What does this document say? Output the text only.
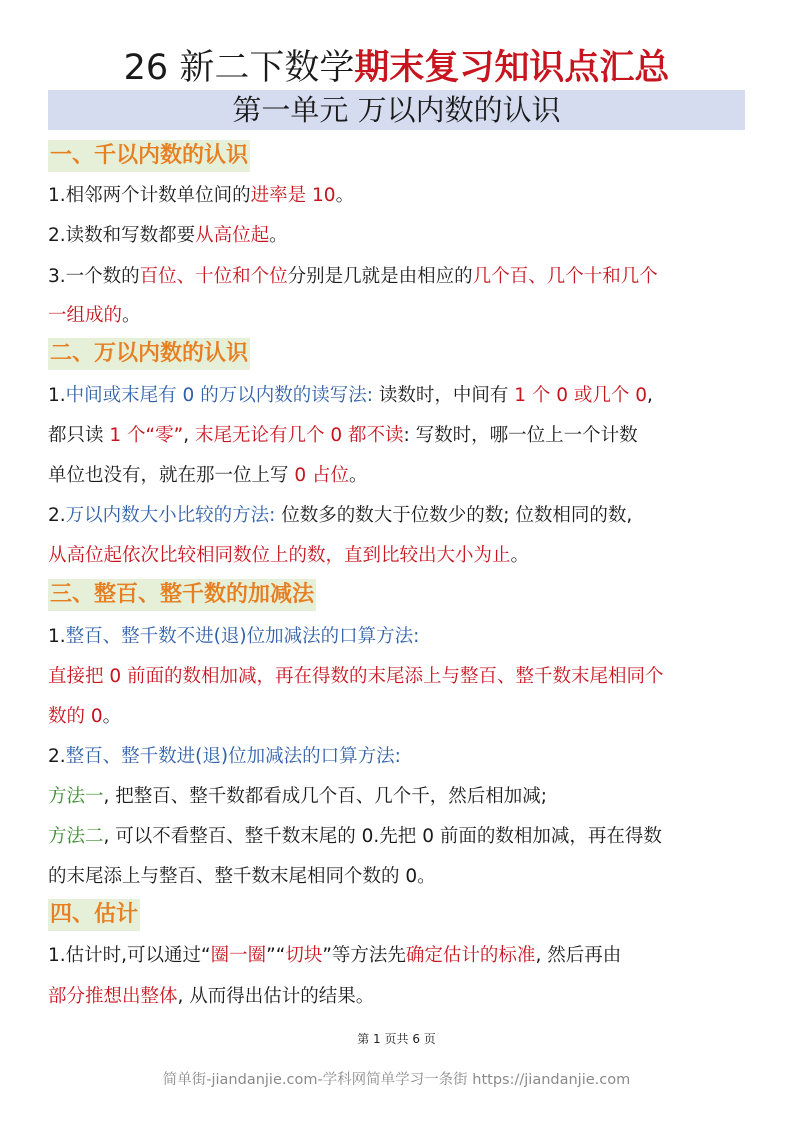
26 新二下数学期末复习知识点汇总
第一单元 万以内数的认识
一、千以内数的认识
1.相邻两个计数单位间的进率是 10。
2.读数和写数都要从高位起。
3.一个数的百位、十位和个位分别是几就是由相应的几个百、几个十和几个
一组成的。
二、万以内数的认识
1.中间或末尾有 0 的万以内数的读写法: 读数时，中间有 1 个 0 或几个 0,
都只读 1 个“零”, 末尾无论有几个 0 都不读: 写数时，哪一位上一个计数
单位也没有，就在那一位上写 0 占位。
2.万以内数大小比较的方法: 位数多的数大于位数少的数; 位数相同的数,
从高位起依次比较相同数位上的数，直到比较出大小为止。
三、整百、整千数的加减法
1.整百、整千数不进(退)位加减法的口算方法:
直接把 0 前面的数相加减，再在得数的末尾添上与整百、整千数末尾相同个
数的 0。
2.整百、整千数进(退)位加减法的口算方法:
方法一, 把整百、整千数都看成几个百、几个千，然后相加减;
方法二, 可以不看整百、整千数末尾的 0.先把 0 前面的数相加减，再在得数
的末尾添上与整百、整千数末尾相同个数的 0。
四、估计
1.估计时,可以通过“圈一圈”“切块”等方法先确定估计的标准, 然后再由
部分推想出整体, 从而得出估计的结果。
第 1 页共 6 页
简单街-jiandanjie.com-学科网简单学习一条街 https://jiandanjie.com
